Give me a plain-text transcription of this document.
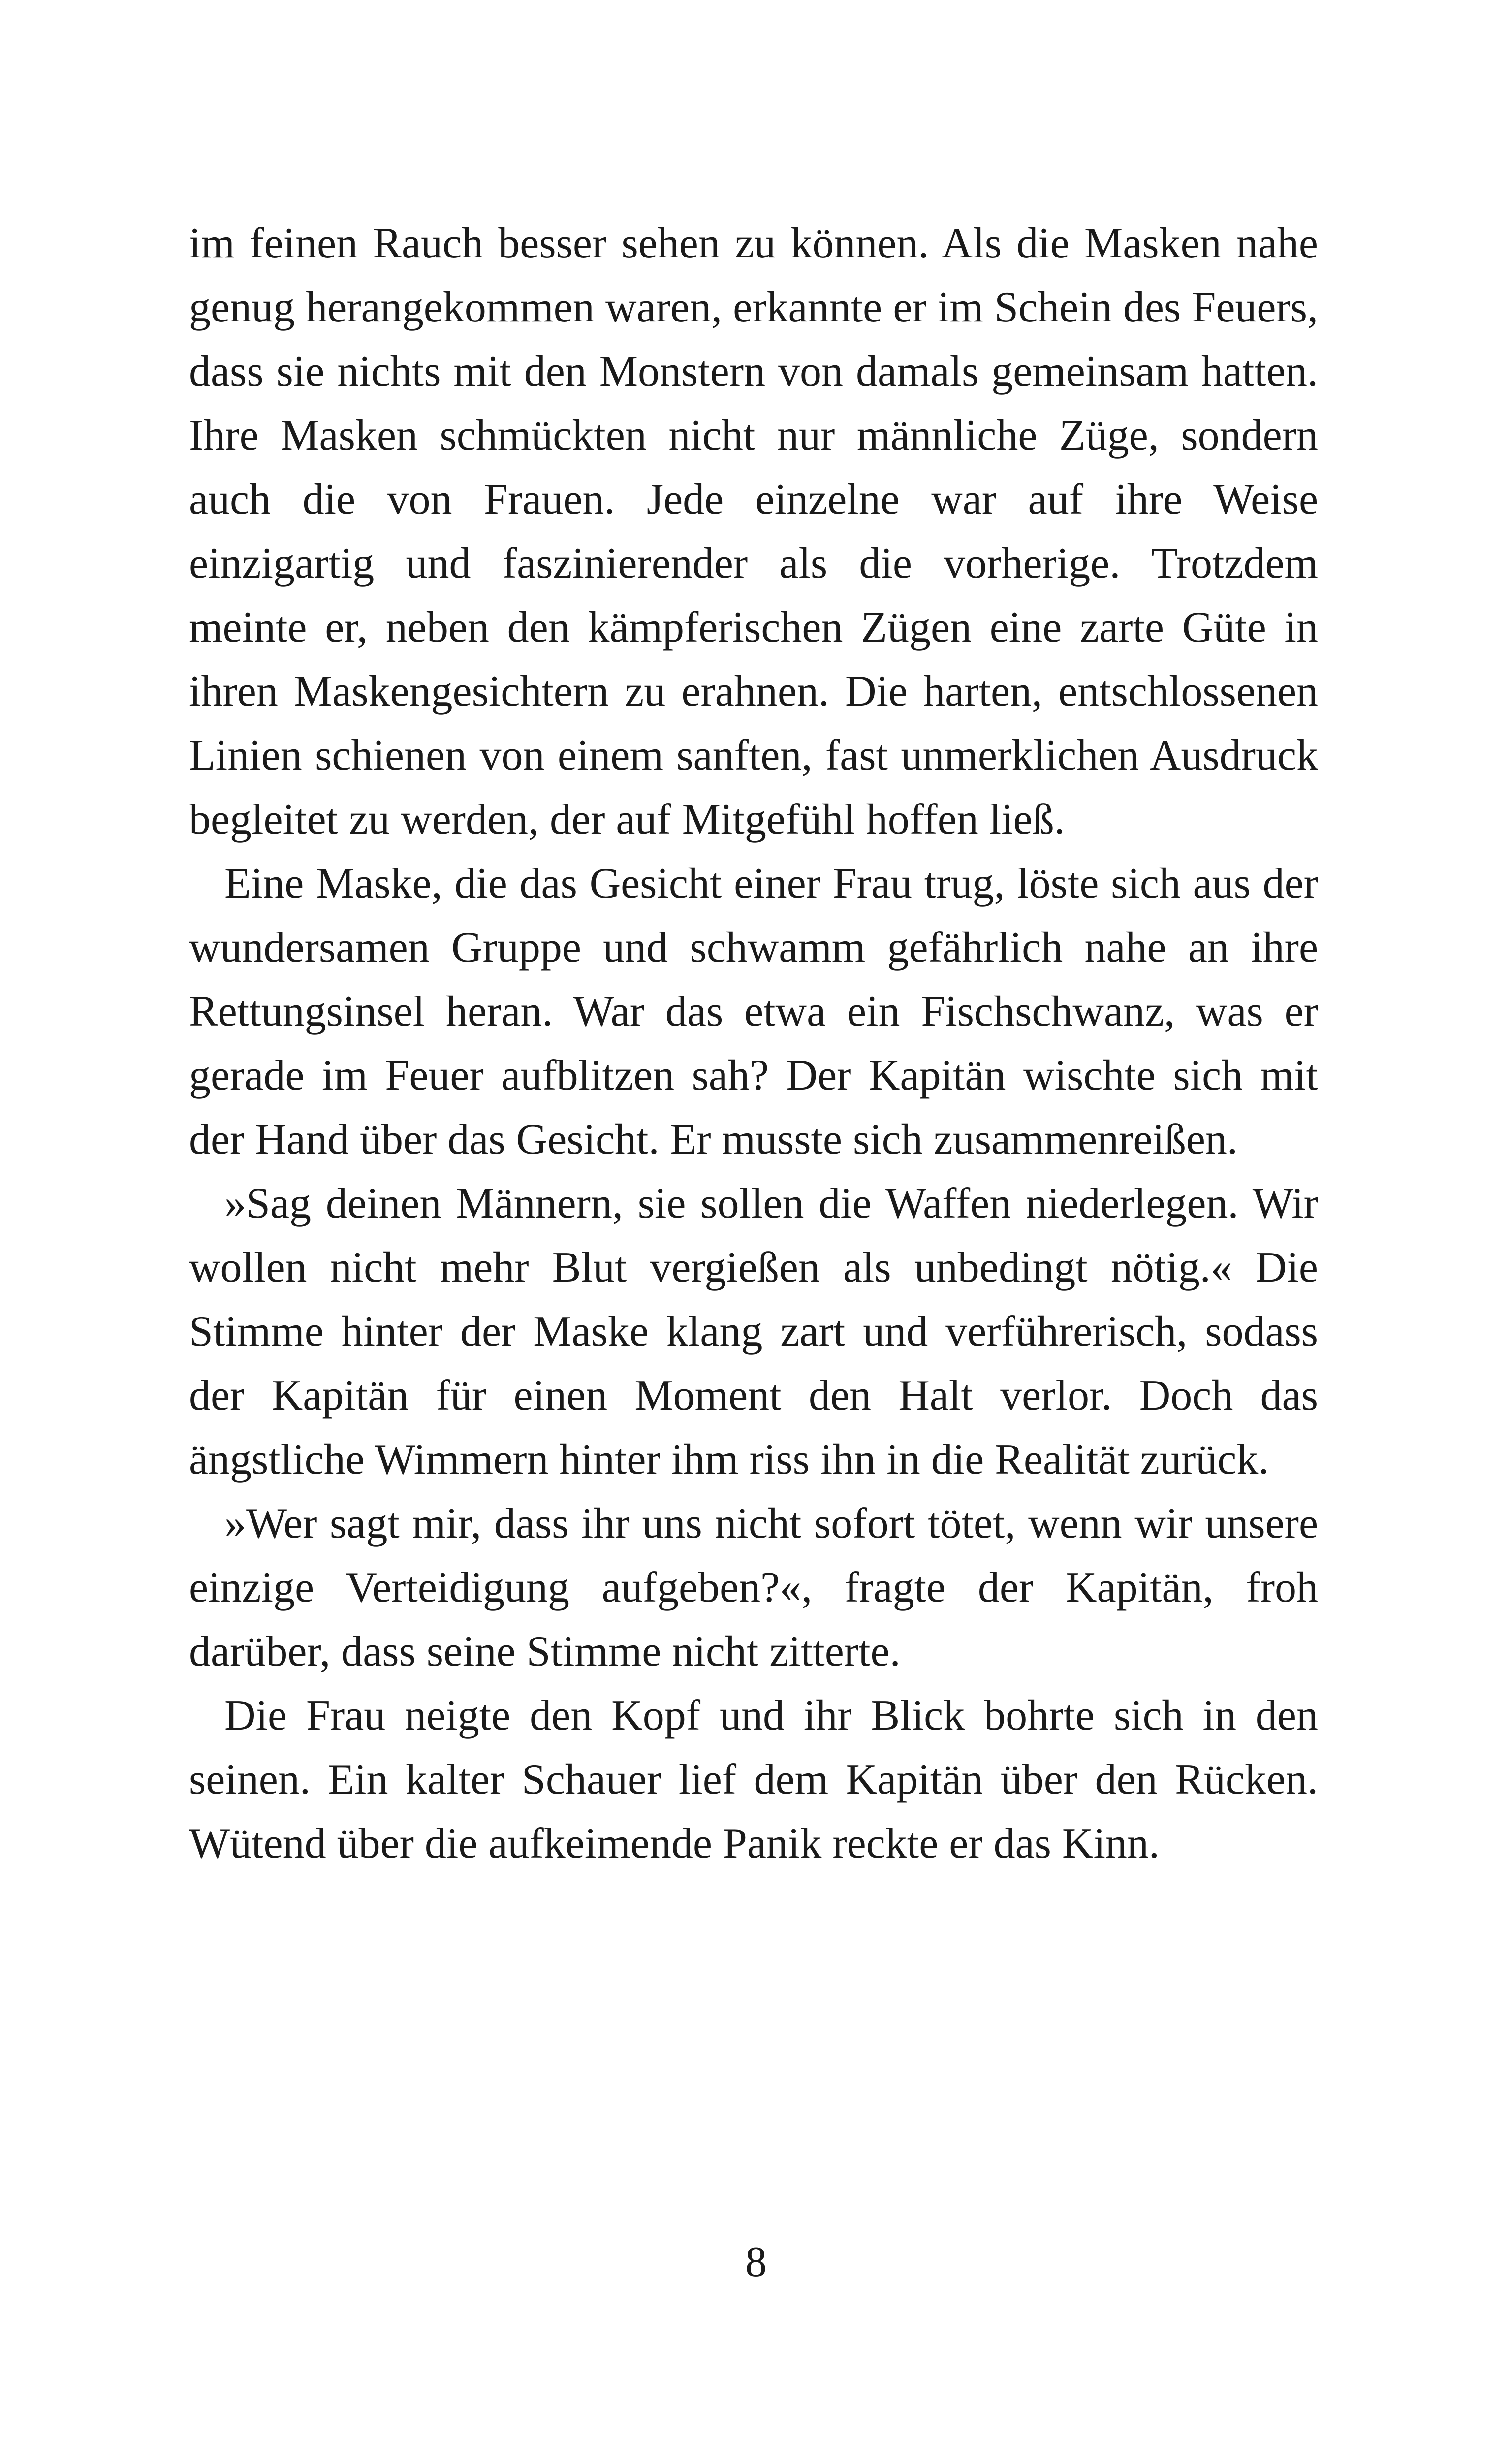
im feinen Rauch besser sehen zu können. Als die Masken nahe genug herangekommen waren, erkannte er im Schein des Feuers, dass sie nichts mit den Monstern von damals gemeinsam hatten. Ihre Masken schmückten nicht nur männliche Züge, sondern auch die von Frauen. Jede einzelne war auf ihre Weise einzigartig und faszinierender als die vorherige. Trotzdem meinte er, neben den kämpferischen Zügen eine zarte Güte in ihren Maskengesichtern zu erahnen. Die harten, entschlossenen Linien schienen von einem sanften, fast unmerklichen Ausdruck begleitet zu werden, der auf Mitgefühl hoffen ließ.

Eine Maske, die das Gesicht einer Frau trug, löste sich aus der wundersamen Gruppe und schwamm gefährlich nahe an ihre Rettungsinsel heran. War das etwa ein Fischschwanz, was er gerade im Feuer aufblitzen sah? Der Kapitän wischte sich mit der Hand über das Gesicht. Er musste sich zusammenreißen.

»Sag deinen Männern, sie sollen die Waffen niederlegen. Wir wollen nicht mehr Blut vergießen als unbedingt nötig.« Die Stimme hinter der Maske klang zart und verführerisch, sodass der Kapitän für einen Moment den Halt verlor. Doch das ängstliche Wimmern hinter ihm riss ihn in die Realität zurück.

»Wer sagt mir, dass ihr uns nicht sofort tötet, wenn wir unsere einzige Verteidigung aufgeben?«, fragte der Kapitän, froh darüber, dass seine Stimme nicht zitterte.

Die Frau neigte den Kopf und ihr Blick bohrte sich in den seinen. Ein kalter Schauer lief dem Kapitän über den Rücken. Wütend über die aufkeimende Panik reckte er das Kinn.

8
